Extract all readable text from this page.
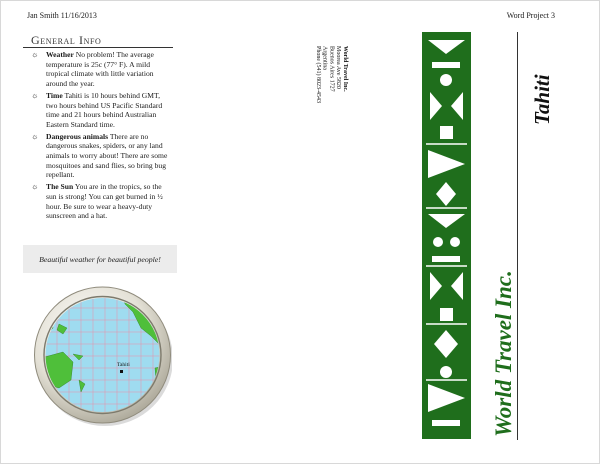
Jan Smith 11/16/2013	Word Project 3
General Info
☼ Weather No problem! The average temperature is 25c (77° F). A mild tropical climate with little variation around the year.
☼ Time Tahiti is 10 hours behind GMT, two hours behind US Pacific Standard time and 21 hours behind Australian Eastern Standard time.
☼ Dangerous animals There are no dangerous snakes, spiders, or any land animals to worry about! There are some mosquitoes and sand flies, so bring bug repellant.
☼ The Sun You are in the tropics, so the sun is strong! You can get burned in ½ hour. Be sure to wear a heavy-duty sunscreen and a hat.
Beautiful weather for beautiful people!
Tahiti
World Travel Inc.
Moorea Ave 5820
Buenos Aires 1727
Argentina
Phone (541) 8023-4543
World Travel Inc.
Tahiti
